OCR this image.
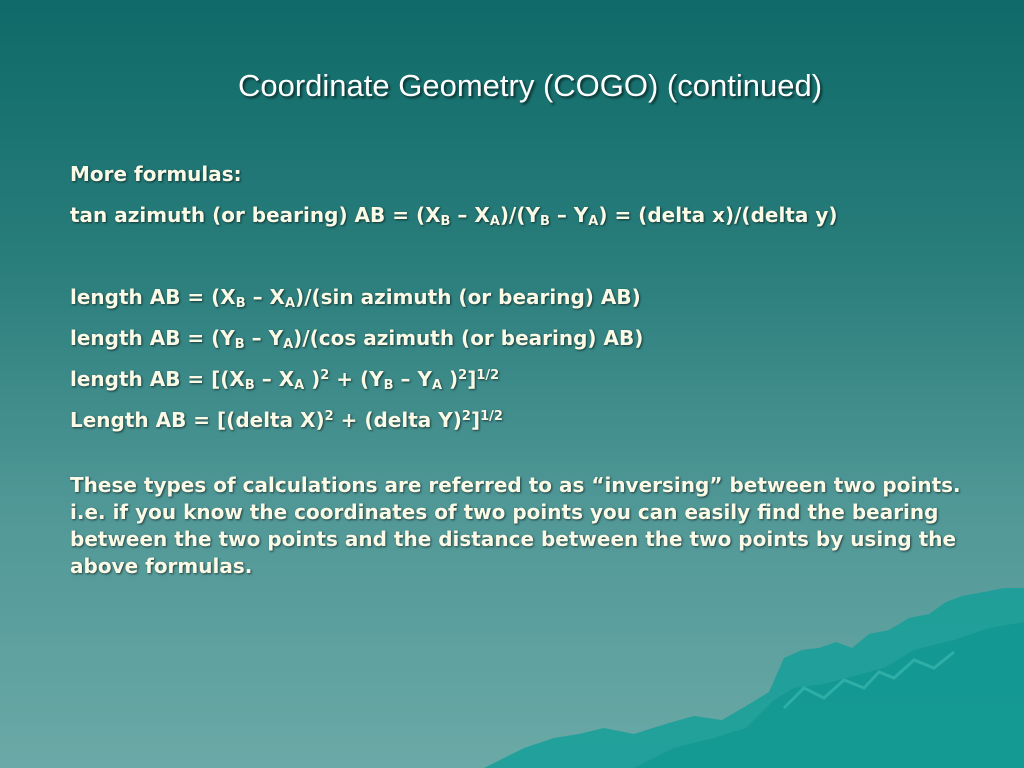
Coordinate Geometry (COGO) (continued)

More formulas:

tan azimuth (or bearing) AB = $(X_B - X_A)/(Y_B - Y_A)$ = (delta x)/(delta y)

length AB = $(X_B - X_A)/(\sin$ azimuth (or bearing) AB)

length AB = $(Y_B - Y_A)/(\cos$ azimuth (or bearing) AB)

length AB = [($X_B - X_A$ )$^2 + (Y_B - Y_A$ )$^2$]$^{1/2}$

Length AB = [(delta X)$^2$ + (delta Y)$^2$]$^{1/2}$

These types of calculations are referred to as “inversing” between two points. i.e. if you know the coordinates of two points you can easily find the bearing between the two points and the distance between the two points by using the above formulas.
